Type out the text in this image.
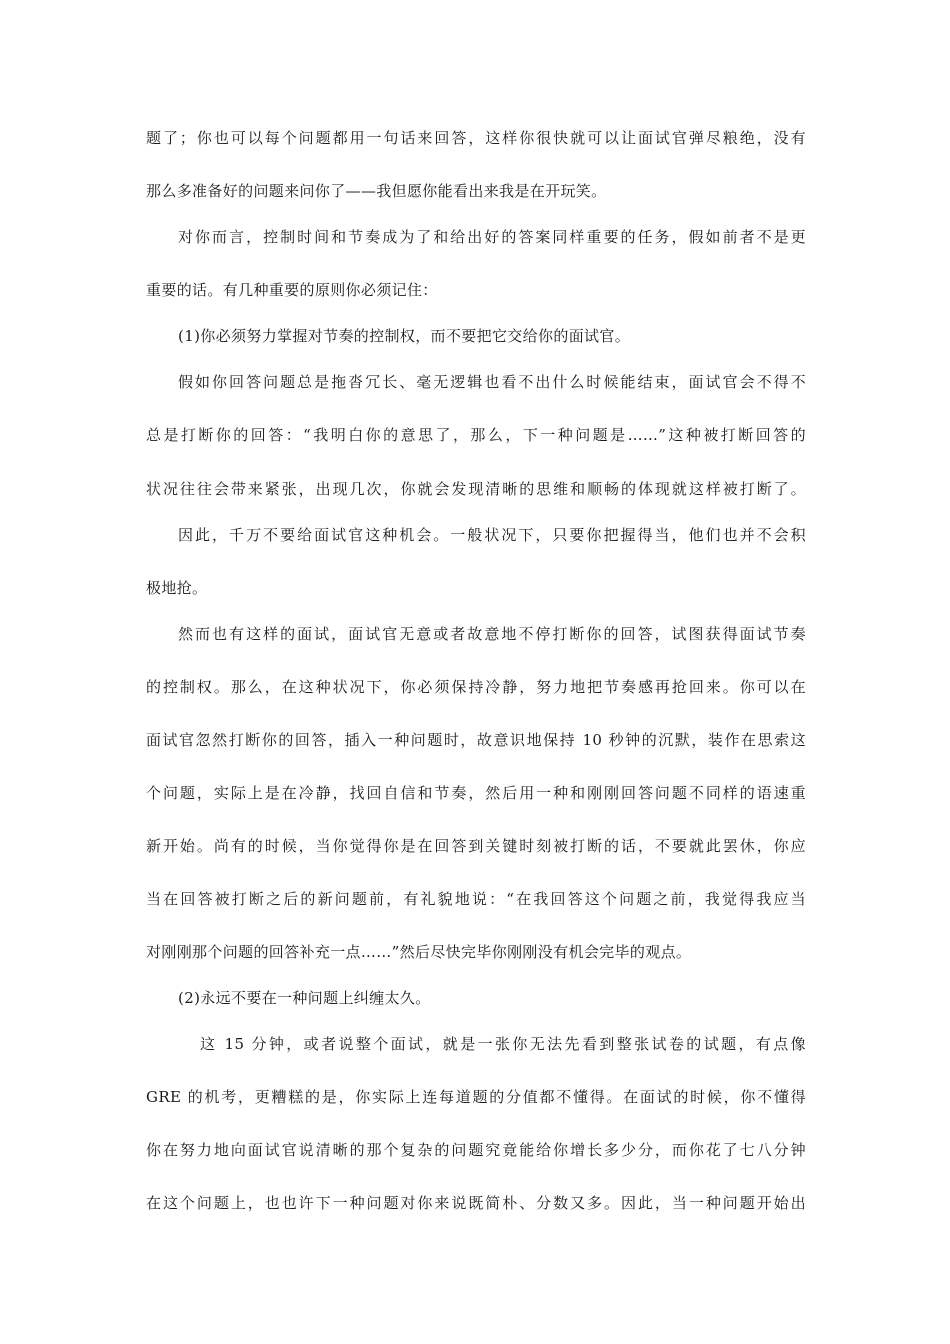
题了；你也可以每个问题都用一句话来回答，这样你很快就可以让面试官弹尽粮绝，没有
那么多准备好的问题来问你了——我但愿你能看出来我是在开玩笑。
对你而言，控制时间和节奏成为了和给出好的答案同样重要的任务，假如前者不是更
重要的话。有几种重要的原则你必须记住：
(1)你必须努力掌握对节奏的控制权，而不要把它交给你的面试官。
假如你回答问题总是拖沓冗长、毫无逻辑也看不出什么时候能结束，面试官会不得不
总是打断你的回答：“我明白你的意思了，那么，下一种问题是……”这种被打断回答的
状况往往会带来紧张，出现几次，你就会发现清晰的思维和顺畅的体现就这样被打断了。
因此，千万不要给面试官这种机会。一般状况下，只要你把握得当，他们也并不会积
极地抢。
然而也有这样的面试，面试官无意或者故意地不停打断你的回答，试图获得面试节奏
的控制权。那么，在这种状况下，你必须保持冷静，努力地把节奏感再抢回来。你可以在
面试官忽然打断你的回答，插入一种问题时，故意识地保持 10 秒钟的沉默，装作在思索这
个问题，实际上是在冷静，找回自信和节奏，然后用一种和刚刚回答问题不同样的语速重
新开始。尚有的时候，当你觉得你是在回答到关键时刻被打断的话，不要就此罢休，你应
当在回答被打断之后的新问题前，有礼貌地说：“在我回答这个问题之前，我觉得我应当
对刚刚那个问题的回答补充一点……”然后尽快完毕你刚刚没有机会完毕的观点。
(2)永远不要在一种问题上纠缠太久。
这 15 分钟，或者说整个面试，就是一张你无法先看到整张试卷的试题，有点像
GRE 的机考，更糟糕的是，你实际上连每道题的分值都不懂得。在面试的时候，你不懂得
你在努力地向面试官说清晰的那个复杂的问题究竟能给你增长多少分，而你花了七八分钟
在这个问题上，也也许下一种问题对你来说既简朴、分数又多。因此，当一种问题开始出
